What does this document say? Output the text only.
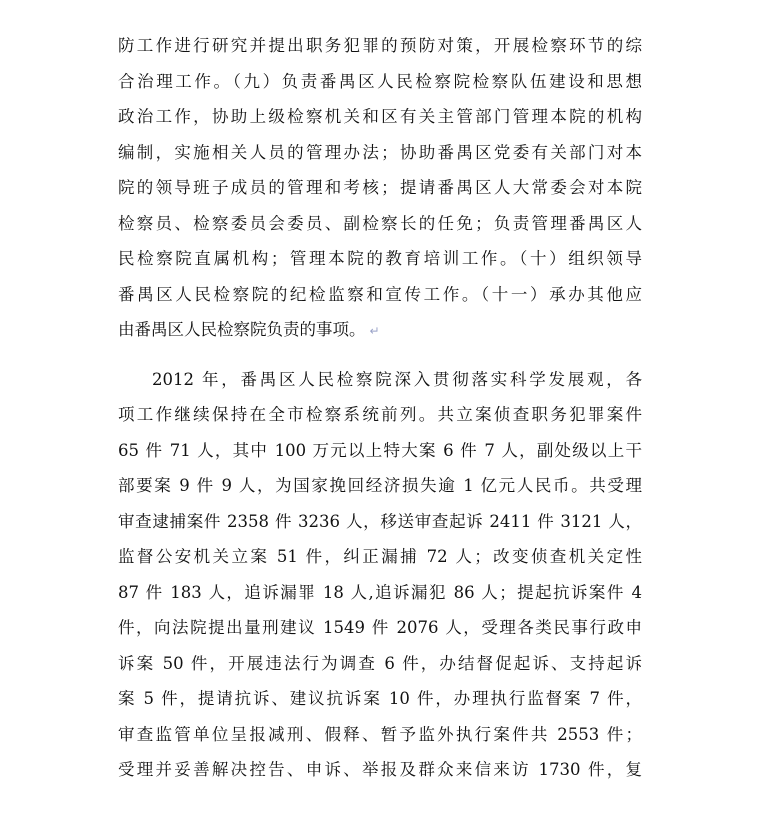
防工作进行研究并提出职务犯罪的预防对策，开展检察环节的综
合治理工作。（九）负责番禺区人民检察院检察队伍建设和思想
政治工作，协助上级检察机关和区有关主管部门管理本院的机构
编制，实施相关人员的管理办法；协助番禺区党委有关部门对本
院的领导班子成员的管理和考核；提请番禺区人大常委会对本院
检察员、检察委员会委员、副检察长的任免；负责管理番禺区人
民检察院直属机构；管理本院的教育培训工作。（十）组织领导
番禺区人民检察院的纪检监察和宣传工作。（十一）承办其他应
由番禺区人民检察院负责的事项。 ↵
2012 年，番禺区人民检察院深入贯彻落实科学发展观，各
项工作继续保持在全市检察系统前列。共立案侦查职务犯罪案件
65 件 71 人，其中 100 万元以上特大案 6 件 7 人，副处级以上干
部要案 9 件 9 人，为国家挽回经济损失逾 1 亿元人民币。共受理
审查逮捕案件 2358 件 3236 人，移送审查起诉 2411 件 3121 人，
监督公安机关立案 51 件，纠正漏捕 72 人；改变侦查机关定性
87 件 183 人，追诉漏罪 18 人,追诉漏犯 86 人；提起抗诉案件 4
件，向法院提出量刑建议 1549 件 2076 人，受理各类民事行政申
诉案 50 件，开展违法行为调查 6 件，办结督促起诉、支持起诉
案 5 件，提请抗诉、建议抗诉案 10 件，办理执行监督案 7 件，
审查监管单位呈报减刑、假释、暂予监外执行案件共 2553 件；
受理并妥善解决控告、申诉、举报及群众来信来访 1730 件，复
